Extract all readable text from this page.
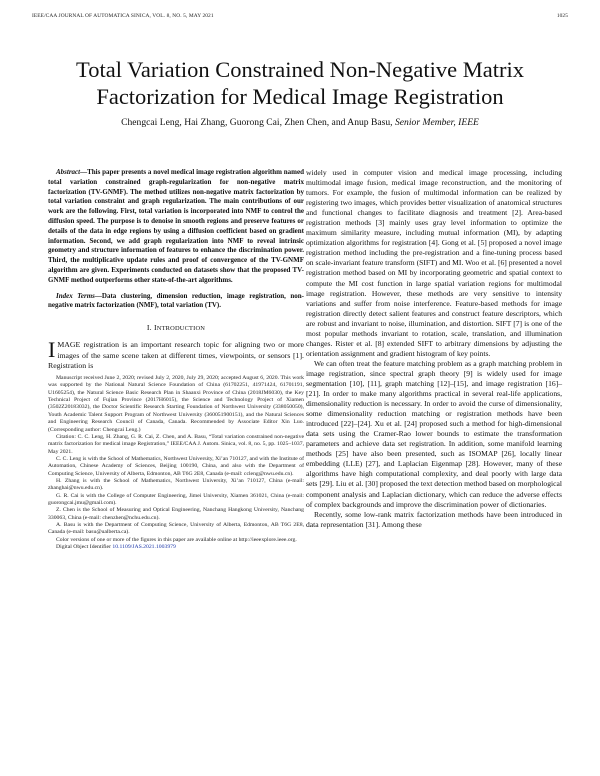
IEEE/CAA JOURNAL OF AUTOMATICA SINICA, VOL. 8, NO. 5, MAY 2021	1025
Total Variation Constrained Non-Negative Matrix Factorization for Medical Image Registration
Chengcai Leng, Hai Zhang, Guorong Cai, Zhen Chen, and Anup Basu, Senior Member, IEEE

Abstract—This paper presents a novel medical image registration algorithm named total variation constrained graph-regularization for non-negative matrix factorization (TV-GNMF). The method utilizes non-negative matrix factorization by total variation constraint and graph regularization. The main contributions of our work are the following. First, total variation is incorporated into NMF to control the diffusion speed. The purpose is to denoise in smooth regions and preserve features or details of the data in edge regions by using a diffusion coefficient based on gradient information. Second, we add graph regularization into NMF to reveal intrinsic geometry and structure information of features to enhance the discrimination power. Third, the multiplicative update rules and proof of convergence of the TV-GNMF algorithm are given. Experiments conducted on datasets show that the proposed TV-GNMF method outperforms other state-of-the-art algorithms.

Index Terms—Data clustering, dimension reduction, image registration, non-negative matrix factorization (NMF), total variation (TV).

I. INTRODUCTION

IMAGE registration is an important research topic for aligning two or more images of the same scene taken at different times, viewpoints, or sensors [1]. Registration is

Manuscript received June 2, 2020; revised July 2, 2020, July 29, 2020; accepted August 6, 2020. This work was supported by the National Natural Science Foundation of China (61702251, 41971424, 61701191, U1605254), the Natural Science Basic Research Plan in Shaanxi Province of China (2018JM6030), the Key Technical Project of Fujian Province (2017H6015), the Science and Technology Project of Xiamen (3502Z20183032), the Doctor Scientific Research Starting Foundation of Northwest University (338050050), Youth Academic Talent Support Program of Northwest University (360051900151), and the Natural Sciences and Engineering Research Council of Canada, Canada. Recommended by Associate Editor Xin Luo. (Corresponding author: Chengcai Leng.)

Citation: C. C. Leng, H. Zhang, G. R. Cai, Z. Chen, and A. Basu, “Total variation constrained non-negative matrix factorization for medical image Registration,” IEEE/CAA J. Autom. Sinica, vol. 8, no. 5, pp. 1025–1037, May 2021.

C. C. Leng is with the School of Mathematics, Northwest University, Xi’an 710127, and with the Institute of Automation, Chinese Academy of Sciences, Beijing 100190, China, and also with the Department of Computing Science, University of Alberta, Edmonton, AB T6G 2E8, Canada (e-mail: ccleng@nwu.edu.cn).

H. Zhang is with the School of Mathematics, Northwest University, Xi’an 710127, China (e-mail: zhanghai@nwu.edu.cn).

G. R. Cai is with the College of Computer Engineering, Jimei University, Xiamen 361021, China (e-mail: guorongcai.jmu@gmail.com).

Z. Chen is the School of Measuring and Optical Engineering, Nanchang Hangkong University, Nanchang 330063, China (e-mail: chenzhen@nchu.edu.cn).

A. Basu is with the Department of Computing Science, University of Alberta, Edmonton, AB T6G 2E8, Canada (e-mail: basu@ualberta.ca).

Color versions of one or more of the figures in this paper are available online at http://ieeexplore.ieee.org.

Digital Object Identifier 10.1109/JAS.2021.1003979

widely used in computer vision and medical image processing, including multimodal image fusion, medical image reconstruction, and the monitoring of tumors. For example, the fusion of multimodal information can be realized by registering two images, which provides better visualization of anatomical structures and functional changes to facilitate diagnosis and treatment [2]. Area-based registration methods [3] mainly uses gray level information to optimize the maximum similarity measure, including mutual information (MI), by adapting optimization algorithms for registration [4]. Gong et al. [5] proposed a novel image registration method including the pre-registration and a fine-tuning process based on scale-invariant feature transform (SIFT) and MI. Woo et al. [6] presented a novel registration method based on MI by incorporating geometric and spatial context to compute the MI cost function in large spatial variation regions for multimodal image registration. However, these methods are very sensitive to intensity variations and suffer from noise interference. Feature-based methods for image registration directly detect salient features and construct feature descriptors, which are robust and invariant to noise, illumination, and distortion. SIFT [7] is one of the most popular methods invariant to rotation, scale, translation, and illumination changes. Rister et al. [8] extended SIFT to arbitrary dimensions by adjusting the orientation assignment and gradient histogram of key points.

We can often treat the feature matching problem as a graph matching problem in image registration, since spectral graph theory [9] is widely used for image segmentation [10], [11], graph matching [12]–[15], and image registration [16]–[21]. In order to make many algorithms practical in several real-life applications, dimensionality reduction is necessary. In order to avoid the curse of dimensionality, some dimensionality reduction matching or registration methods have been introduced [22]–[24]. Xu et al. [24] proposed such a method for high-dimensional data sets using the Cramer-Rao lower bounds to estimate the transformation parameters and achieve data set registration. In addition, some manifold learning methods [25] have also been presented, such as ISOMAP [26], locally linear embedding (LLE) [27], and Laplacian Eigenmap [28]. However, many of these algorithms have high computational complexity, and deal poorly with large data sets [29]. Liu et al. [30] proposed the text detection method based on morphological component analysis and Laplacian dictionary, which can reduce the adverse effects of complex backgrounds and improve the discrimination power of dictionaries.

Recently, some low-rank matrix factorization methods have been introduced in data representation [31]. Among these
